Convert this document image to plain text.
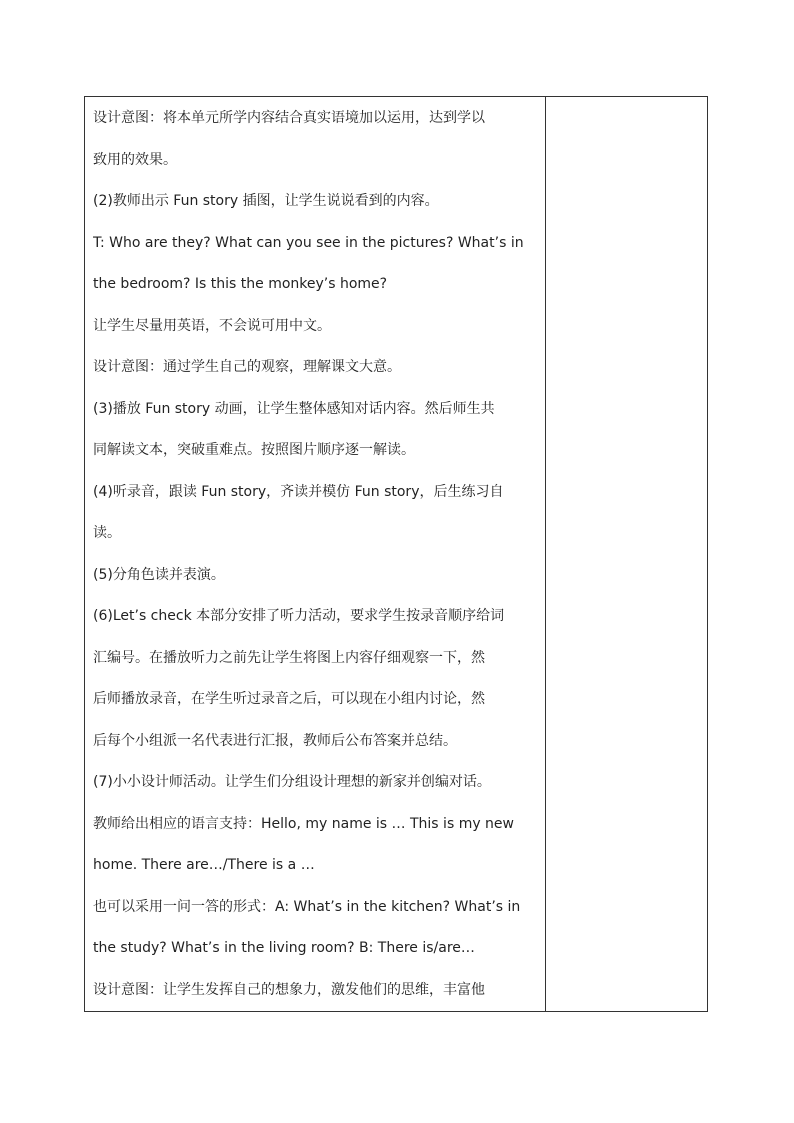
设计意图：将本单元所学内容结合真实语境加以运用，达到学以
致用的效果。
(2)教师出示 Fun story 插图，让学生说说看到的内容。
T: Who are they? What can you see in the pictures? What’s in
the bedroom? Is this the monkey’s home?
让学生尽量用英语，不会说可用中文。
设计意图：通过学生自己的观察，理解课文大意。
(3)播放 Fun story 动画，让学生整体感知对话内容。然后师生共
同解读文本，突破重难点。按照图片顺序逐一解读。
(4)听录音，跟读 Fun story，齐读并模仿 Fun story，后生练习自
读。
(5)分角色读并表演。
(6)Let’s check 本部分安排了听力活动，要求学生按录音顺序给词
汇编号。在播放听力之前先让学生将图上内容仔细观察一下，然
后师播放录音，在学生听过录音之后，可以现在小组内讨论，然
后每个小组派一名代表进行汇报，教师后公布答案并总结。
(7)小小设计师活动。让学生们分组设计理想的新家并创编对话。
教师给出相应的语言支持：Hello, my name is … This is my new
home. There are…/There is a …
也可以采用一问一答的形式：A: What’s in the kitchen? What’s in
the study? What’s in the living room? B: There is/are…
设计意图：让学生发挥自己的想象力，激发他们的思维，丰富他
